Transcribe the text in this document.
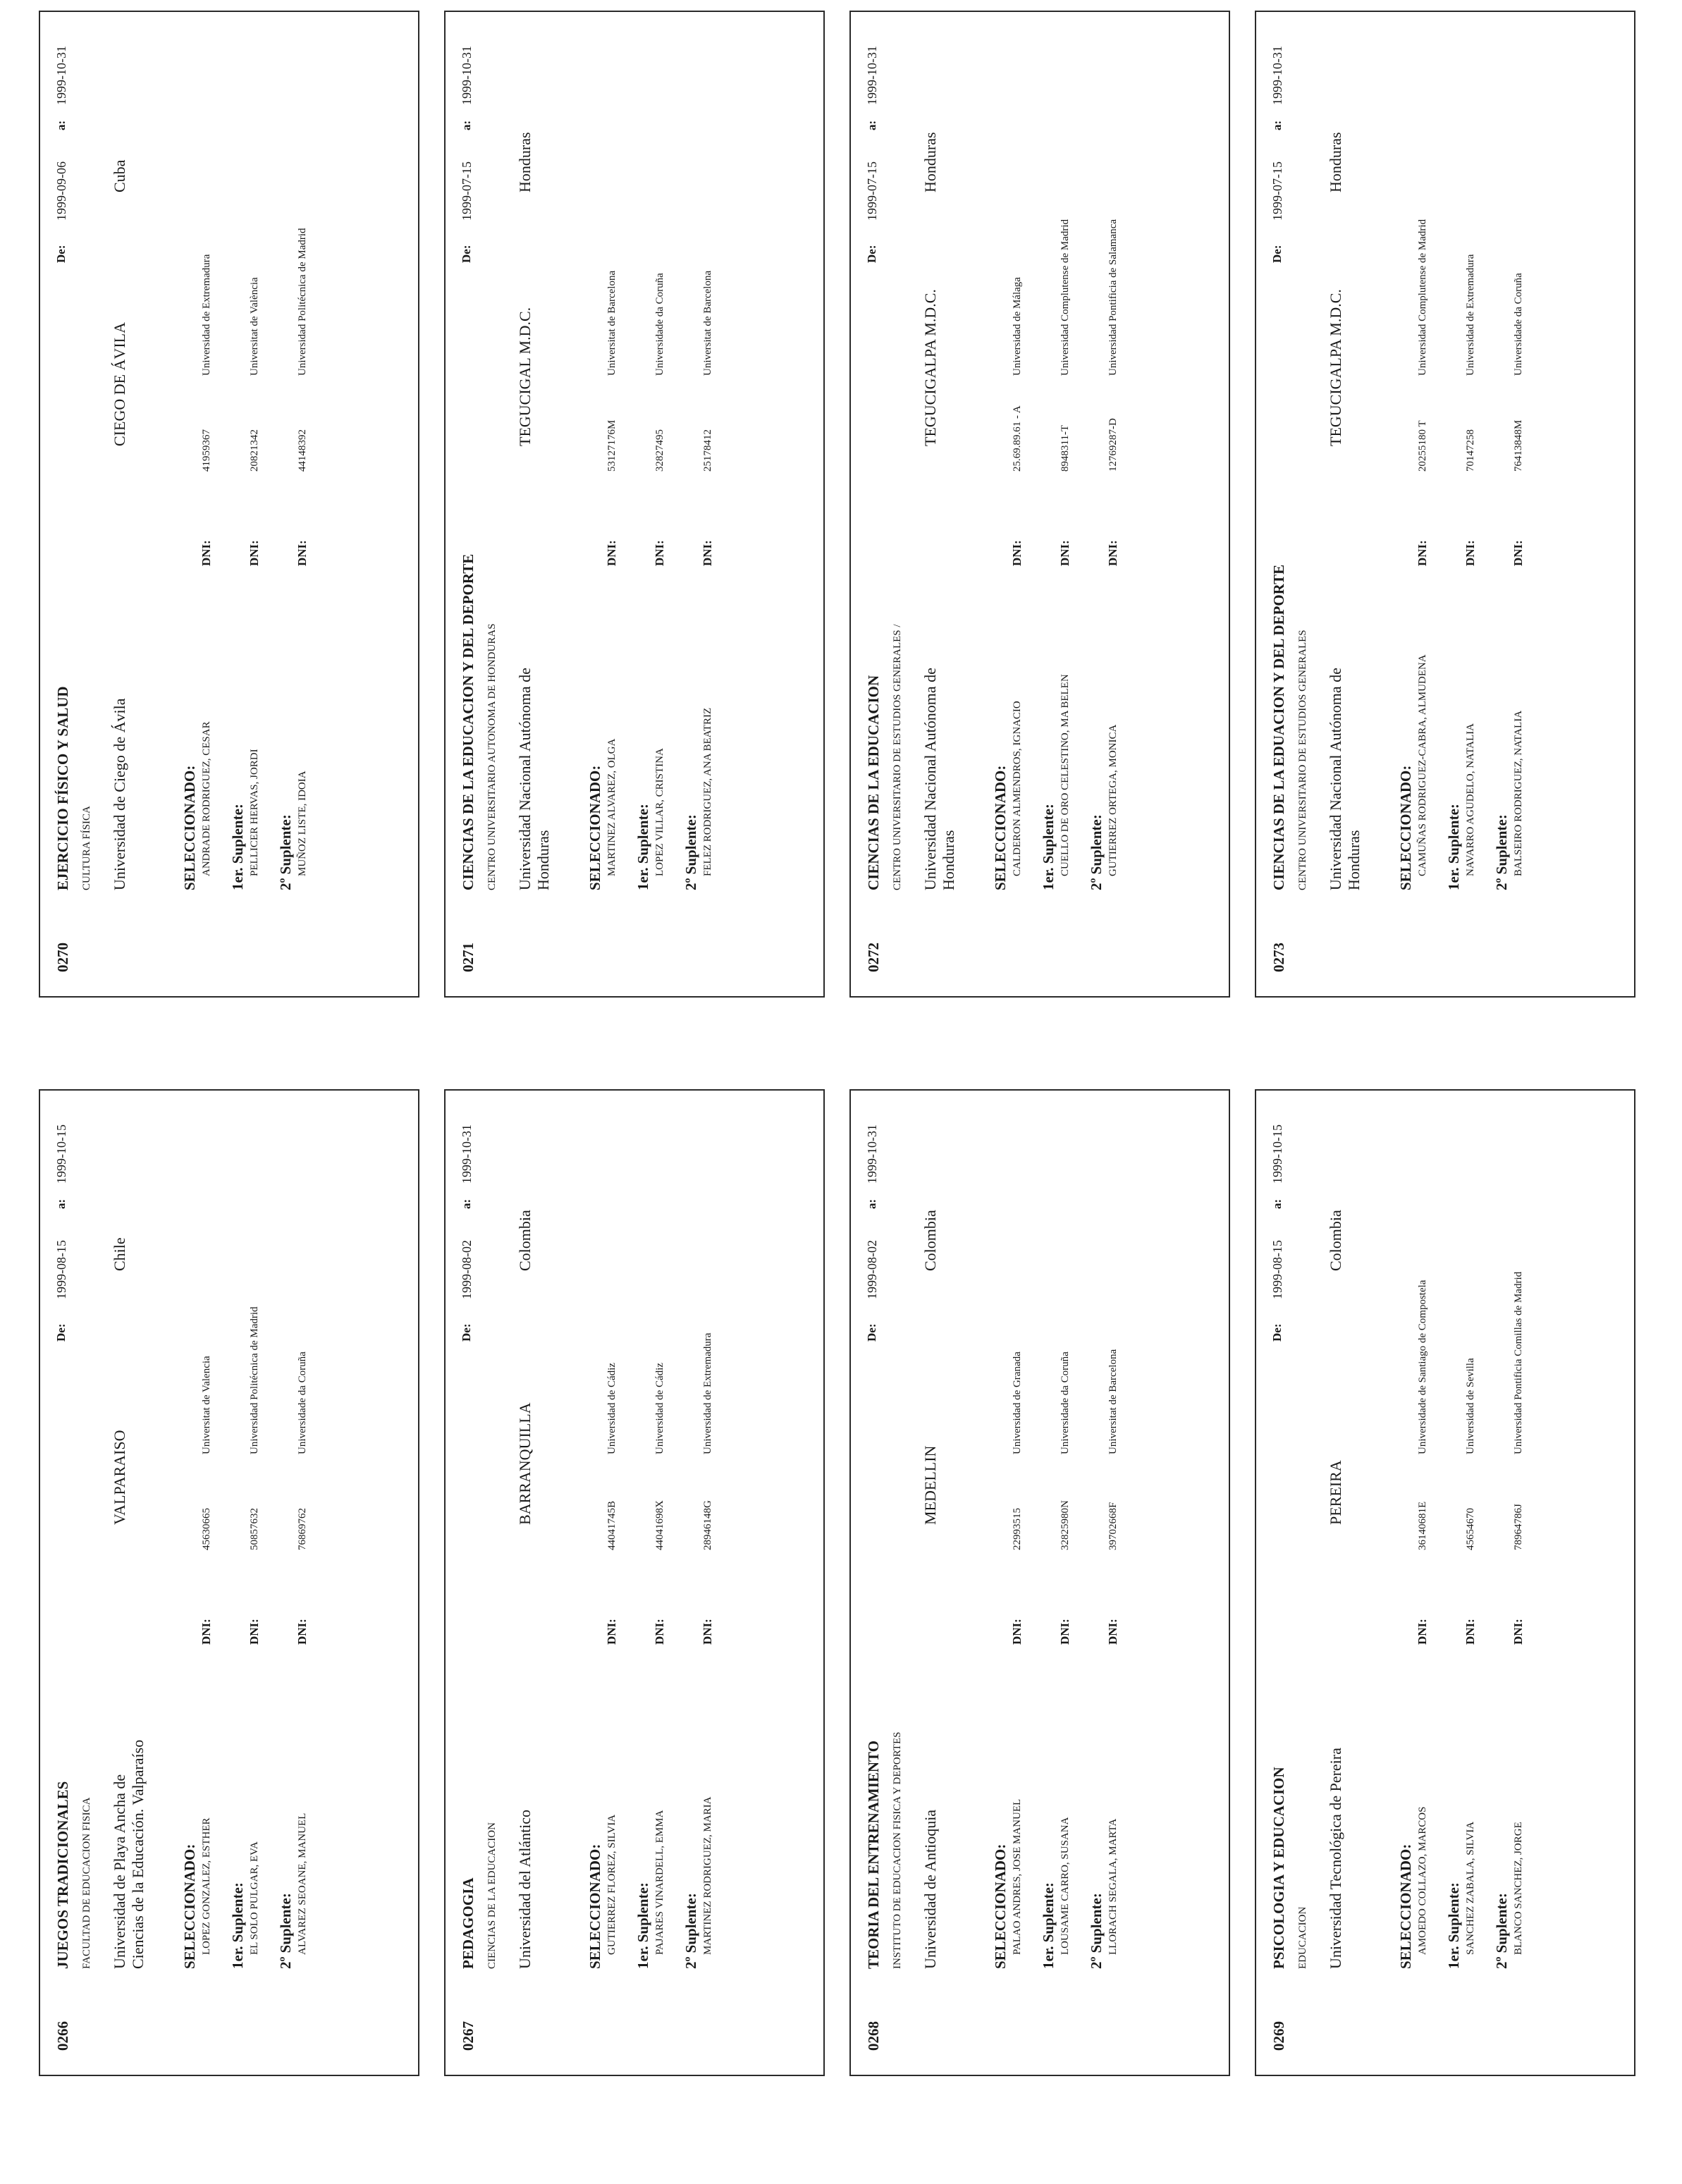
0266
JUEGOS TRADICIONALES FACULTAD DE EDUCACION FISICA Universidad de Playa Ancha de Ciencias de la Educación. Valparaíso
VALPARAISO
Chile
De:
1999-08-15
a:
1999-10-15
SELECCIONADO: LOPEZ GONZALEZ, ESTHER
DNI:
45630665
Universitat de Valencia
1er. Suplente: EL SOLO PULGAR, EVA
DNI:
50857632
Universidad Politécnica de Madrid
2º Suplente: ALVAREZ SEOANE, MANUEL
DNI:
76869762
Universidade da Coruña
0267
PEDAGOGIA CIENCIAS DE LA EDUCACION Universidad del Atlántico
BARRANQUILLA
Colombia
De:
1999-08-02
a:
1999-10-31
SELECCIONADO: GUTIERREZ FLOREZ, SILVIA
DNI:
44041745B
Universidad de Cádiz
1er. Suplente: PAJARES VINARDELL, EMMA
DNI:
44041698X
Universidad de Cádiz
2º Suplente: MARTINEZ RODRIGUEZ, MARIA
DNI:
28946148G
Universidad de Extremadura
0268
TEORIA DEL ENTRENAMIENTO INSTITUTO DE EDUCACION FISICA Y DEPORTES Universidad de Antioquia
MEDELLIN
Colombia
De:
1999-08-02
a:
1999-10-31
SELECCIONADO: PALAO ANDRES, JOSE MANUEL
DNI:
22993515
Universidad de Granada
1er. Suplente: LOUSAME CARRO, SUSANA
DNI:
32825980N
Universidade da Coruña
2º Suplente: LLORACH SEGALA, MARTA
DNI:
39702668F
Universitat de Barcelona
0269
PSICOLOGIA Y EDUCACION EDUCACION Universidad Tecnológica de Pereira
PEREIRA
Colombia
De:
1999-08-15
a:
1999-10-15
SELECCIONADO: AMOEDO COLLAZO, MARCOS
DNI:
36140681E
Universidade de Santiago de Compostela
1er. Suplente: SANCHEZ ZABALA, SILVIA
DNI:
45654670
Universidad de Sevilla
2º Suplente: BLANCO SANCHEZ, JORGE
DNI:
78964786J
Universidad Pontificia Comillas de Madrid
0270
EJERCICIO FÍSICO Y SALUD CULTURA FÍSICA Universidad de Ciego de Ávila
CIEGO DE ÁVILA
Cuba
De:
1999-09-06
a:
1999-10-31
SELECCIONADO: ANDRADE RODRIGUEZ, CESAR
DNI:
41959367
Universidad de Extremadura
1er. Suplente: PELLICER HERVAS, JORDI
DNI:
20821342
Universitat de València
2º Suplente: MUÑOZ LISTE, IDOIA
DNI:
44148392
Universidad Politécnica de Madrid
0271
CIENCIAS DE LA EDUCACION Y DEL DEPORTE CENTRO UNIVERSITARIO AUTONOMA DE HONDURAS Universidad Nacional Autónoma de Honduras
TEGUCIGAL M.D.C.
Honduras
De:
1999-07-15
a:
1999-10-31
SELECCIONADO: MARTINEZ ALVAREZ, OLGA
DNI:
53127176M
Universitat de Barcelona
1er. Suplente: LOPEZ VILLAR, CRISTINA
DNI:
32827495
Universidade da Coruña
2º Suplente: FELEZ RODRIGUEZ, ANA BEATRIZ
DNI:
25178412
Universitat de Barcelona
0272
CIENCIAS DE LA EDUCACION CENTRO UNIVERSITARIO DE ESTUDIOS GENERALES / Universidad Nacional Autónoma de Honduras
TEGUCIGALPA M.D.C.
Honduras
De:
1999-07-15
a:
1999-10-31
SELECCIONADO: CALDERON ALMENDROS, IGNACIO
DNI:
25.69.89.61 - A
Universidad de Málaga
1er. Suplente: CUELLO DE ORO CELESTINO, MA BELEN
DNI:
8948311-T
Universidad Complutense de Madrid
2º Suplente: GUTIERREZ ORTEGA, MONICA
DNI:
12769287-D
Universidad Pontificia de Salamanca
0273
CIENCIAS DE LA EDUACION Y DEL DEPORTE CENTRO UNIVERSITARIO DE ESTUDIOS GENERALES Universidad Nacional Autónoma de Honduras
TEGUCIGALPA M.D.C.
Honduras
De:
1999-07-15
a:
1999-10-31
SELECCIONADO: CAMUÑAS RODRIGUEZ-CABRA, ALMUDENA
DNI:
20255180 T
Universidad Complutense de Madrid
1er. Suplente: NAVARRO AGUDELO, NATALIA
DNI:
70147258
Universidad de Extremadura
2º Suplente: BALSEIRO RODRIGUEZ, NATALIA
DNI:
76413848M
Universidade da Coruña
